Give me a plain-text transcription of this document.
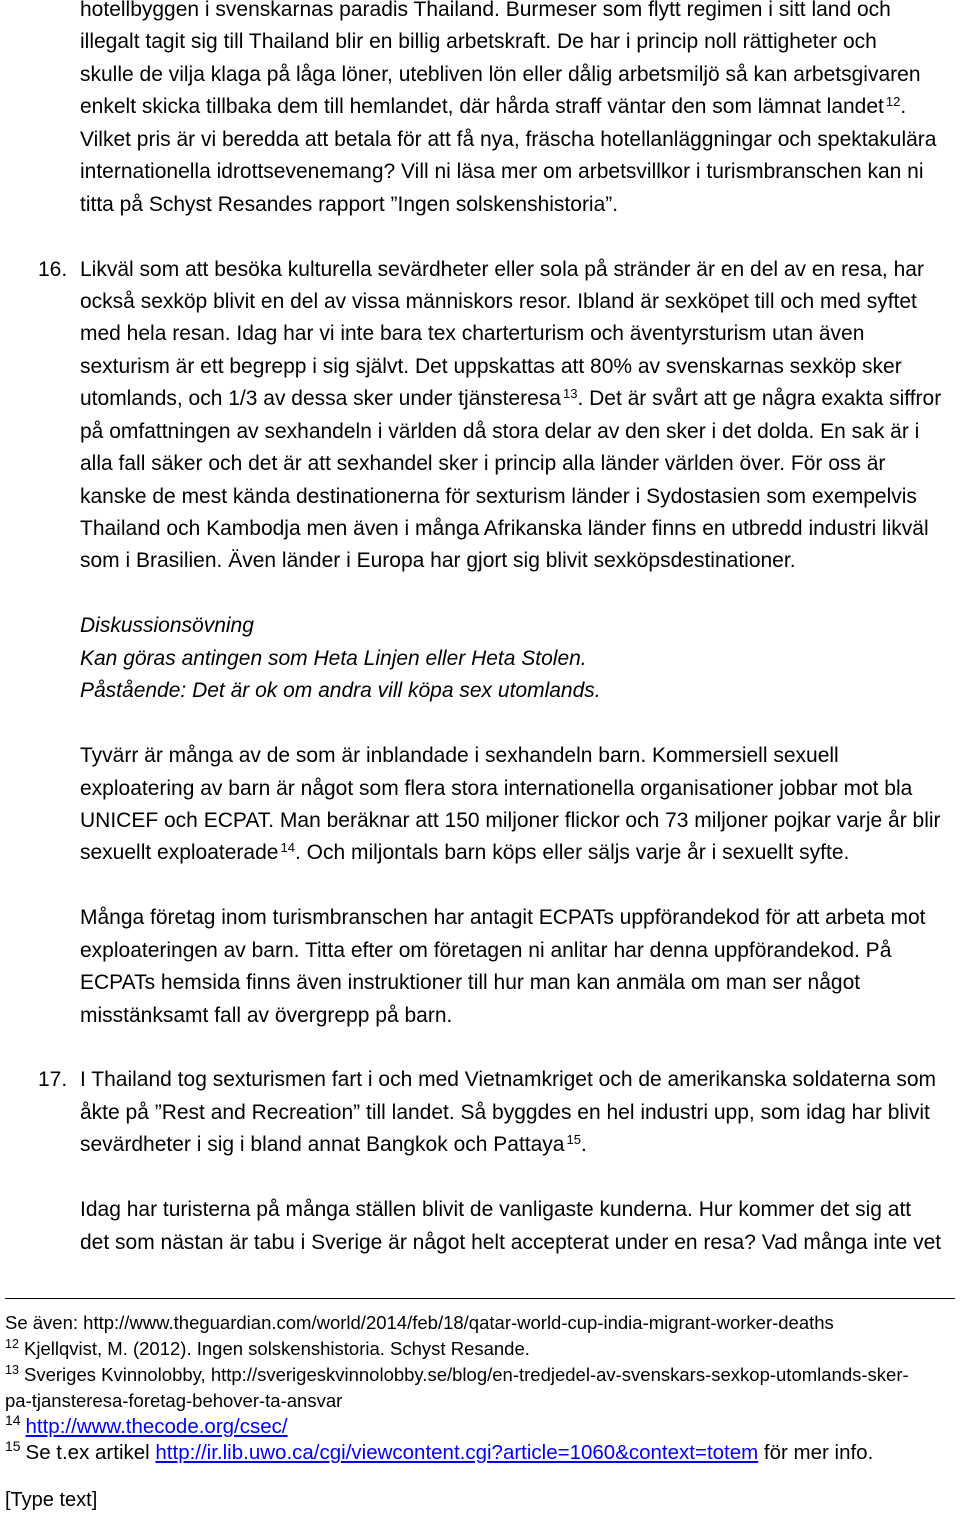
hotellbyggen i svenskarnas paradis Thailand. Burmeser som flytt regimen i sitt land och
illegalt tagit sig till Thailand blir en billig arbetskraft. De har i princip noll rättigheter och
skulle de vilja klaga på låga löner, utebliven lön eller dålig arbetsmiljö så kan arbetsgivaren
enkelt skicka tillbaka dem till hemlandet, där hårda straff väntar den som lämnat landet $^{12}$.
Vilket pris är vi beredda att betala för att få nya, fräscha hotellanläggningar och spektakulära
internationella idrottsevenemang? Vill ni läsa mer om arbetsvillkor i turismbranschen kan ni
titta på Schyst Resandes rapport ”Ingen solskenshistoria”.
16. Likväl som att besöka kulturella sevärdheter eller sola på stränder är en del av en resa, har
också sexköp blivit en del av vissa människors resor. Ibland är sexköpet till och med syftet
med hela resan. Idag har vi inte bara tex charterturism och äventyrsturism utan även
sexturism är ett begrepp i sig självt. Det uppskattas att 80% av svenskarnas sexköp sker
utomlands, och 1/3 av dessa sker under tjänsteresa $^{13}$. Det är svårt att ge några exakta siffror
på omfattningen av sexhandeln i världen då stora delar av den sker i det dolda. En sak är i
alla fall säker och det är att sexhandel sker i princip alla länder världen över. För oss är
kanske de mest kända destinationerna för sexturism länder i Sydostasien som exempelvis
Thailand och Kambodja men även i många Afrikanska länder finns en utbredd industri likväl
som i Brasilien. Även länder i Europa har gjort sig blivit sexköpsdestinationer.
Diskussionsövning
Kan göras antingen som Heta Linjen eller Heta Stolen.
Påstående: Det är ok om andra vill köpa sex utomlands.
Tyvärr är många av de som är inblandade i sexhandeln barn. Kommersiell sexuell
exploatering av barn är något som flera stora internationella organisationer jobbar mot bla
UNICEF och ECPAT. Man beräknar att 150 miljoner flickor och 73 miljoner pojkar varje år blir
sexuellt exploaterade $^{14}$. Och miljontals barn köps eller säljs varje år i sexuellt syfte.
Många företag inom turismbranschen har antagit ECPATs uppförandekod för att arbeta mot
exploateringen av barn. Titta efter om företagen ni anlitar har denna uppförandekod. På
ECPATs hemsida finns även instruktioner till hur man kan anmäla om man ser något
misstänksamt fall av övergrepp på barn.
17. I Thailand tog sexturismen fart i och med Vietnamkriget och de amerikanska soldaterna som
åkte på ”Rest and Recreation” till landet. Så byggdes en hel industri upp, som idag har blivit
sevärdheter i sig i bland annat Bangkok och Pattaya $^{15}$.
Idag har turisterna på många ställen blivit de vanligaste kunderna. Hur kommer det sig att
det som nästan är tabu i Sverige är något helt accepterat under en resa? Vad många inte vet
Se även: http://www.theguardian.com/world/2014/feb/18/qatar-world-cup-india-migrant-worker-deaths
$^{12}$ Kjellqvist, M. (2012). Ingen solskenshistoria. Schyst Resande.
$^{13}$ Sveriges Kvinnolobby, http://sverigeskvinnolobby.se/blog/en-tredjedel-av-svenskars-sexkop-utomlands-sker-
pa-tjansteresa-foretag-behover-ta-ansvar
$^{14}$ http://www.thecode.org/csec/
$^{15}$ Se t.ex artikel http://ir.lib.uwo.ca/cgi/viewcontent.cgi?article=1060&context=totem för mer info.
[Type text]
